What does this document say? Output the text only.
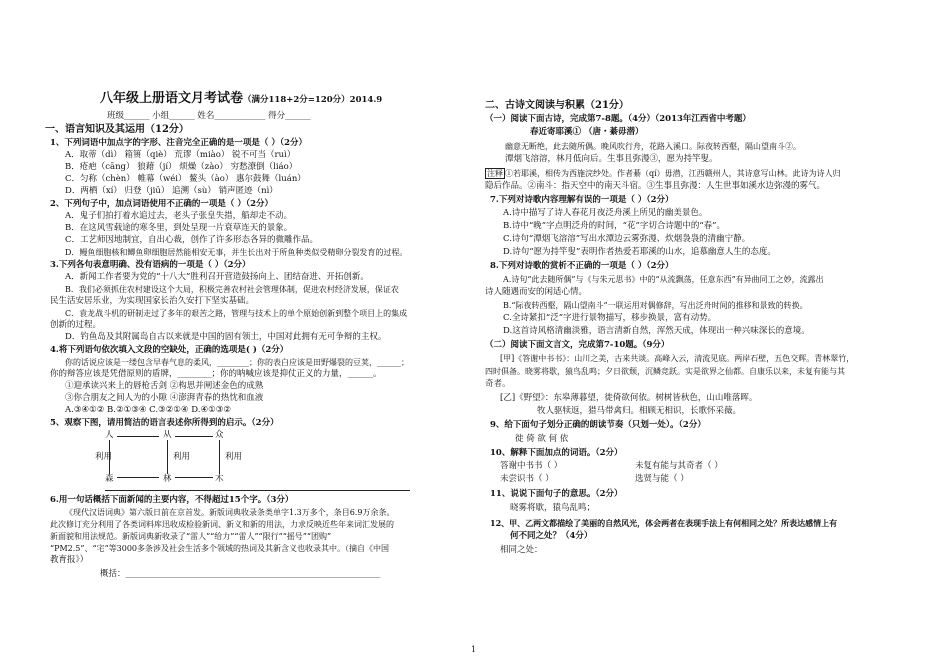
八年级上册语文月考试卷（满分118+2分=120分）2014.9
班级______ 小组______ 姓名____________ 得分______
一、语言知识及其运用（12分）
1、下列词语中加点字的字形、注音完全正确的是一项是（ ）（2分）
A．取蒂（dì） 箱篑（qiè） 荒谬（miào） 锐不可当（ruì）
B．疮疤（cāng） 狼藉（jí） 烦燥（zào） 穷愁潦倒（liáo）
C．匀称（chèn） 帷幕（wéi） 鳌头（ào） 惠尔鼓舞（luán）
D．两栖（xí） 归登（jiū） 追溯（sù） 销声匿迹（nì）
2、下列句子中，加点词语使用不正确的一项是（ ）（2分）
A．鬼子们拍打着水追过去，老头子张皇失措，船却走不动。
B．在这风雪载途的寒冬里，到处呈现一片衰草连天的景象。
C．工艺师因地制宜，自出心裁，创作了许多形态各异的微雕作品。
D．鳗鱼细胞核和鲫鱼卵细胞居然能相安无事，并生长出对于所鱼种类似受精卵分裂发育的过程。
3.下列各句表意明确、没有语病的一项是（ ）（2分）
A．新闻工作者要为党的“十八大”胜利召开营造鼓扬向上、团结奋进、开拓创新。
B．我们必须抓住农村建设这个大局，积极完善农村社会管理体制，促进农村经济发展，保证农
民生活安居乐业，为实现国家长治久安打下坚实基础。
C．袁龙战斗机的研制走过了多年的艰苦之路，管理与技术上的单个原始创新到整个项目上的集成
创新的过程。
D．钓鱼岛及其附属岛自古以来就是中国的固有领土，中国对此拥有无可争辩的主权。
4.将下列语句依次填入文段的空缺处，正确的选项是( )（2分）
你的话说应该是一缕包含早春气息的柔风，________；你的表白应该是田野爆裂的豆荚，______；
你的辩答应该是凭借原则的盾牌，________；你的呐喊应该是抑仗正义的力量，______。
①迎承读兴来上的唇枪舌剑 ②构思并闸述金色的成熟
③你合朋友之间人为的小隙 ④澎湃青春的热忱和血液
A.③④①② B.②①③④ C.③②①④ D.④①③②
5、观察下图，请用简洁的语言表述你所得到的启示。（2分）
人	从	众
利用	利用	利用
森	林	木
6.用一句话概括下面新闻的主要内容，不得超过15个字。（3分）
《现代汉语词典》第六版日前在京首发。新版词典收录条类单字1.3万多个，条目6.9万余条。
此次修订充分利用了各类词料库迅收成检验新词、新义和新的用法，力求反映近些年来词汇发展的
新面貌和用法规范。新版词典新收录了“雷人”“给力”“雷人”“限行”“摇号”“团购”
“PM2.5”、“宅”等3000多条涉及社会生活多个领域的热词及其新含义也收录其中。（摘自《中国
教育报》）
概括：____________________________________________________________
二、古诗文阅读与积累（21分）
（一）阅读下面古诗，完成第7-8题。（4分）（2013年江西省中考题）
春近寄耶溪① （唐・綦毋潜）
幽意无断绝，此去随所偶。晚风吹行舟，花路入溪口。际夜转西壑，隔山望南斗②。
潭烟飞溶溶，林月低向后。生事且弥漫③，愿为持竿叟。
注释 ①若耶溪，相传为西施浣纱处。作者綦（qí）毋潜，江西赣州人，其诗意写山林。此诗为诗人归
隐后作品。②南斗：指天空中的南天斗宿。③生事且弥漫：人生世事如溪水边弥漫的雾气。
7.下列对诗歌内容理解有误的一项是（ ）（2分）
A.诗中描写了诗人春花月夜泛舟溪上所见的幽美景色。
B.诗中“晚”字点明泛舟的时间，“花”字切合诗题中的“春”。
C.诗句“潭烟飞溶溶”写出水潭边云雾弥漫、炊烟袅袅的清幽宁静。
D.诗句“愿为持竿叟”表明作者热爱若耶溪的山水，追慕幽意人生的态度。
8.下列对诗歌的赏析不正确的一项是（ ）（2分）
A.诗句“此去随所偶”与《与朱元思书》中的“从流飘荡，任意东西”有异曲同工之妙，流露出
诗人随遇而安的闲适心情。
B.“际夜转西壑，隔山望南斗”一联运用对偶修辞，写出泛舟时间的推移和景致的转换。
C.全诗紧扣“泛”字进行景物描写，移步换景，富有动势。
D.这首诗风格清幽淡雅，语言清新自然，浑然天成，体现出一种兴味深长的意境。
（二）阅读下面文言文，完成第7-10题。（9分）
[甲]《答谢中书书》：山川之美，古来共谈。高峰入云，清流见底。两岸石壁，五色交辉。青林翠竹，
四时俱备。晓雾将歇，猿鸟乱鸣；夕日欲颓，沉鳞竞跃。实是欲界之仙都。自康乐以来，未复有能与其
奇者。
[乙]《野望》：东皋薄暮望，徙倚欲何依。树树皆秋色，山山唯落晖。
牧人驱犊返，猎马带禽归。相顾无相识，长歌怀采薇。
9、给下面句子划分正确的朗读节奏（只划一处）。（2分）
徙 倚 欲 何 依
10、解释下面加点的词语。（2分）
答谢中书书（ ）	未复有能与其奇者（ ）
未尝识书（ ）	选贤与能（ ）
11、说说下面句子的意思。（2分）
晓雾将歇，猿鸟乱鸣；
12、甲、乙两文都描绘了美丽的自然风光，体会两者在表现手法上有何相同之处？所表达感情上有
何不同之处？（4分）
相同之处：
1
